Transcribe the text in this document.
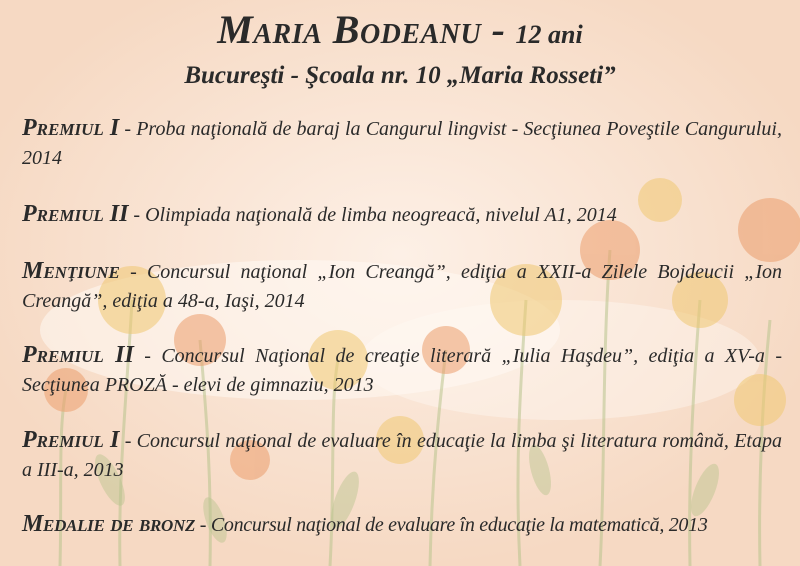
Maria Bodeanu - 12 ani
Bucureşti - Şcoala nr. 10 „Maria Rosseti”
Premiul I - Proba naţională de baraj la Cangurul lingvist - Secţiunea Poveştile Cangurului, 2014
Premiul II - Olimpiada naţională de limba neogreacă, nivelul A1, 2014
Menţiune - Concursul naţional „Ion Creangă”, ediţia a XXII-a Zilele Bojdeucii „Ion Creangă”, ediţia a 48-a, Iaşi, 2014
Premiul II - Concursul Naţional de creaţie literară „Iulia Haşdeu”, ediţia a XV-a - Secţiunea PROZĂ - elevi de gimnaziu, 2013
Premiul I - Concursul naţional de evaluare în educaţie la limba şi literatura română, Etapa a III-a, 2013
Medalie de bronz - Concursul naţional de evaluare în educaţie la matematică, 2013
